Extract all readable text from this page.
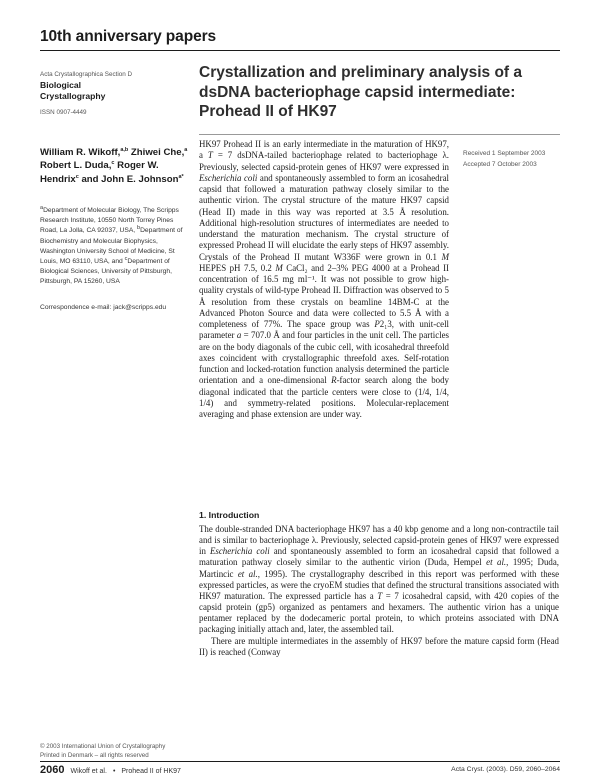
10th anniversary papers
Acta Crystallographica Section D
Biological
Crystallography
ISSN 0907-4449
Crystallization and preliminary analysis of a dsDNA bacteriophage capsid intermediate: Prohead II of HK97
William R. Wikoff,$^{a,b}$ Zhiwei Che,$^a$ Robert L. Duda,$^c$ Roger W. Hendrix$^c$ and John E. Johnson$^{a*}$
$^a$Department of Molecular Biology, The Scripps Research Institute, 10550 North Torrey Pines Road, La Jolla, CA 92037, USA, $^b$Department of Biochemistry and Molecular Biophysics, Washington University School of Medicine, St Louis, MO 63110, USA, and $^c$Department of Biological Sciences, University of Pittsburgh, Pittsburgh, PA 15260, USA
Correspondence e-mail: jack@scripps.edu
HK97 Prohead II is an early intermediate in the maturation of HK97, a T = 7 dsDNA-tailed bacteriophage related to bacteriophage λ. Previously, selected capsid-protein genes of HK97 were expressed in Escherichia coli and spontaneously assembled to form an icosahedral capsid that followed a maturation pathway closely similar to the authentic virion. The crystal structure of the mature HK97 capsid (Head II) made in this way was reported at 3.5 Å resolution. Additional high-resolution structures of intermediates are needed to understand the maturation mechanism. The crystal structure of expressed Prohead II will elucidate the early steps of HK97 assembly. Crystals of the Prohead II mutant W336F were grown in 0.1 M HEPES pH 7.5, 0.2 M CaCl₂ and 2–3% PEG 4000 at a Prohead II concentration of 16.5 mg ml⁻¹. It was not possible to grow high-quality crystals of wild-type Prohead II. Diffraction was observed to 5 Å resolution from these crystals on beamline 14BM-C at the Advanced Photon Source and data were collected to 5.5 Å with a completeness of 77%. The space group was P2₁3, with unit-cell parameter a = 707.0 Å and four particles in the unit cell. The particles are on the body diagonals of the cubic cell, with icosahedral threefold axes coincident with crystallographic threefold axes. Self-rotation function and locked-rotation function analysis determined the particle orientation and a one-dimensional R-factor search along the body diagonal indicated that the particle centers were close to (1/4, 1/4, 1/4) and symmetry-related positions. Molecular-replacement averaging and phase extension are under way.
Received 1 September 2003
Accepted 7 October 2003
1. Introduction

The double-stranded DNA bacteriophage HK97 has a 40 kbp genome and a long non-contractile tail and is similar to bacteriophage λ. Previously, selected capsid-protein genes of HK97 were expressed in Escherichia coli and spontaneously assembled to form an icosahedral capsid that followed a maturation pathway closely similar to the authentic virion (Duda, Hempel et al., 1995; Duda, Martincic et al., 1995). The crystallography described in this report was performed with these expressed particles, as were the cryoEM studies that defined the structural transitions associated with HK97 maturation. The expressed particle has a T = 7 icosahedral capsid, with 420 copies of the capsid protein (gp5) organized as pentamers and hexamers. The authentic virion has a unique pentamer replaced by the dodecameric portal protein, to which proteins associated with DNA packaging initially attach and, later, the assembled tail.

There are multiple intermediates in the assembly of HK97 before the mature capsid form (Head II) is reached (Conway

© 2003 International Union of Crystallography
Printed in Denmark – all rights reserved
2060 Wikoff et al. • Prohead II of HK97	Acta Cryst. (2003). D59, 2060–2064
